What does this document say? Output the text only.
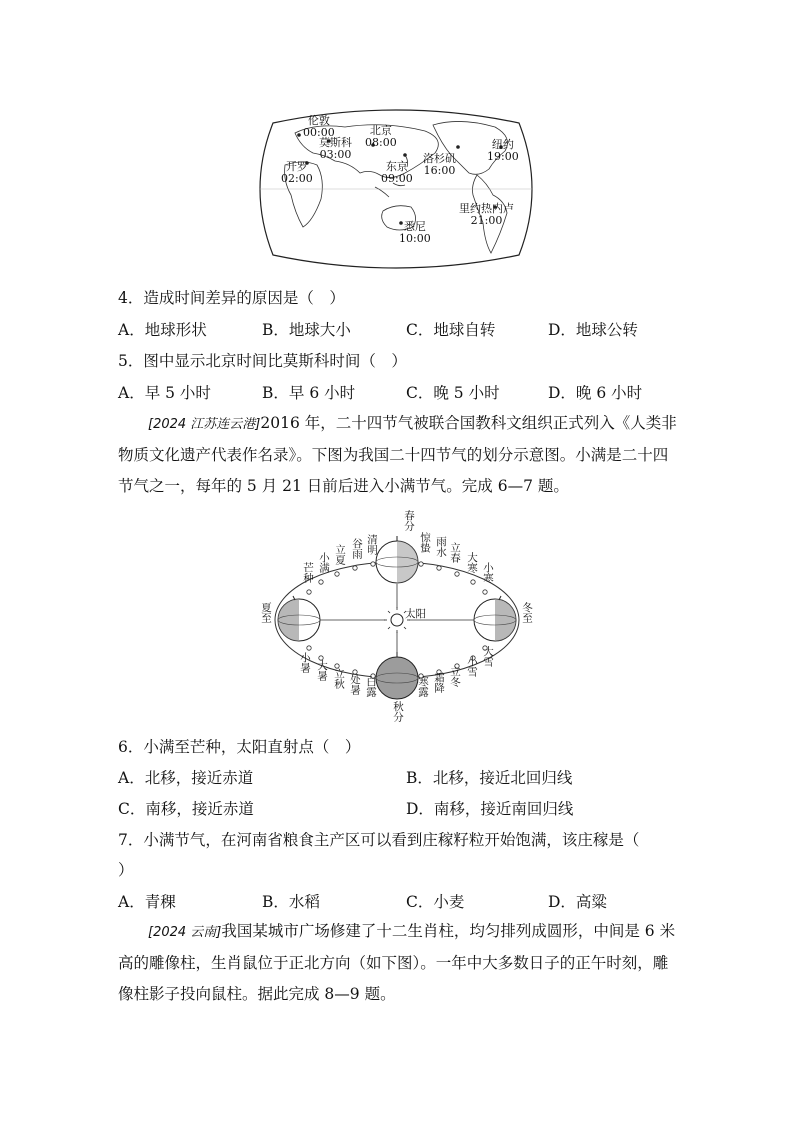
伦敦
00:00
莫斯科
03:00
开罗
02:00
北京
08:00
东京
09:00
悉尼
10:00
洛杉矶
16:00
纽约
19:00
里约热内卢
21:00
4．造成时间差异的原因是（　）
A．地球形状	B．地球大小	C．地球自转	D．地球公转
5．图中显示北京时间比莫斯科时间（　）
A．早 5 小时	B．早 6 小时	C．晚 5 小时	D．晚 6 小时
[2024 江苏连云港]2016 年，二十四节气被联合国教科文组织正式列入《人类非物质文化遗产代表作名录》。下图为我国二十四节气的划分示意图。小满是二十四节气之一，每年的 5 月 21 日前后进入小满节气。完成 6—7 题。
太阳
春分
清明
谷雨
立夏
小满
芒种
夏至
小暑 大暑 立秋 处暑 白露
秋分
寒露 霜降 立冬 小雪 大雪
冬至
小寒
大寒
立春
雨水
惊蛰
6．小满至芒种，太阳直射点（　）
A．北移，接近赤道	B．北移，接近北回归线
C．南移，接近赤道	D．南移，接近南回归线
7．小满节气，在河南省粮食主产区可以看到庄稼籽粒开始饱满，该庄稼是（
）
A．青稞	B．水稻	C．小麦	D．高粱
[2024 云南]我国某城市广场修建了十二生肖柱，均匀排列成圆形，中间是 6 米高的雕像柱，生肖鼠位于正北方向（如下图）。一年中大多数日子的正午时刻，雕像柱影子投向鼠柱。据此完成 8—9 题。
